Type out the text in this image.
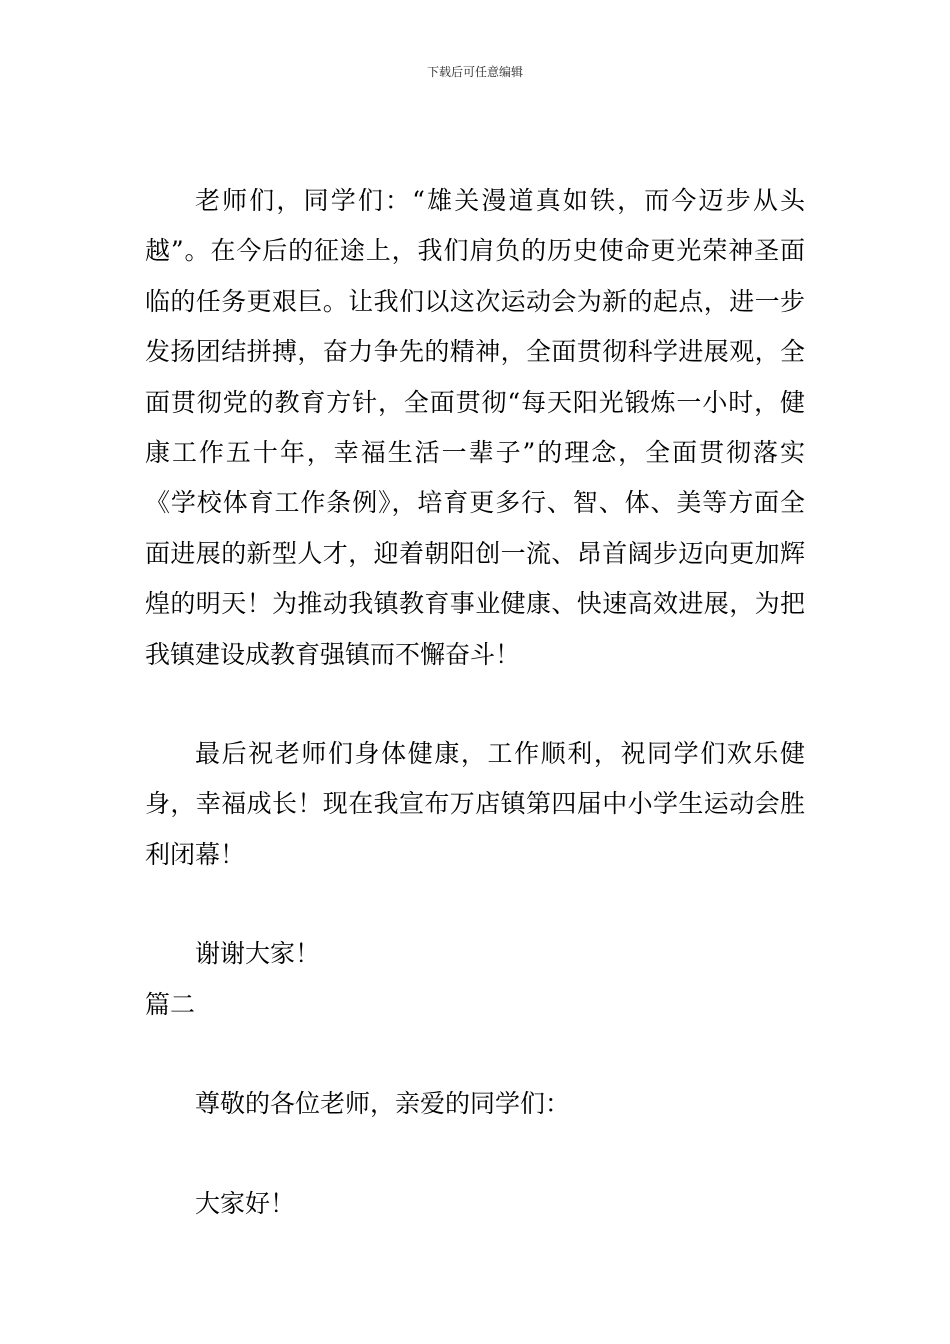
下载后可任意编辑

老师们，同学们：“雄关漫道真如铁，而今迈步从头越”。在今后的征途上，我们肩负的历史使命更光荣神圣面临的任务更艰巨。让我们以这次运动会为新的起点，进一步发扬团结拼搏，奋力争先的精神，全面贯彻科学进展观，全面贯彻党的教育方针，全面贯彻“每天阳光锻炼一小时，健康工作五十年，幸福生活一辈子”的理念，全面贯彻落实《学校体育工作条例》，培育更多行、智、体、美等方面全面进展的新型人才，迎着朝阳创一流、昂首阔步迈向更加辉煌的明天！为推动我镇教育事业健康、快速高效进展，为把我镇建设成教育强镇而不懈奋斗！

最后祝老师们身体健康，工作顺利，祝同学们欢乐健身，幸福成长！现在我宣布万店镇第四届中小学生运动会胜利闭幕！

谢谢大家！

篇二

尊敬的各位老师，亲爱的同学们：

大家好！
